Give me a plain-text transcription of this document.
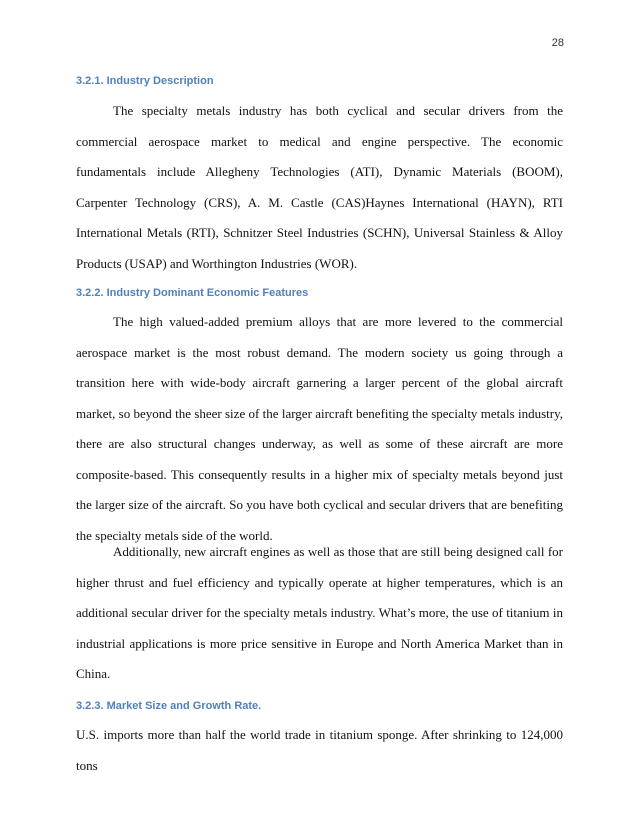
28
3.2.1. Industry Description

The specialty metals industry has both cyclical and secular drivers from the commercial aerospace market to medical and engine perspective. The economic fundamentals include Allegheny Technologies (ATI), Dynamic Materials (BOOM), Carpenter Technology (CRS), A. M. Castle (CAS)Haynes International (HAYN), RTI International Metals (RTI), Schnitzer Steel Industries (SCHN), Universal Stainless & Alloy Products (USAP) and Worthington Industries (WOR).

3.2.2. Industry Dominant Economic Features

The high valued-added premium alloys that are more levered to the commercial aerospace market is the most robust demand. The modern society us going through a transition here with wide-body aircraft garnering a larger percent of the global aircraft market, so beyond the sheer size of the larger aircraft benefiting the specialty metals industry, there are also structural changes underway, as well as some of these aircraft are more composite-based. This consequently results in a higher mix of specialty metals beyond just the larger size of the aircraft. So you have both cyclical and secular drivers that are benefiting the specialty metals side of the world.

Additionally, new aircraft engines as well as those that are still being designed call for higher thrust and fuel efficiency and typically operate at higher temperatures, which is an additional secular driver for the specialty metals industry. What’s more, the use of titanium in industrial applications is more price sensitive in Europe and North America Market than in China.

3.2.3. Market Size and Growth Rate.

U.S. imports more than half the world trade in titanium sponge. After shrinking to 124,000 tons
